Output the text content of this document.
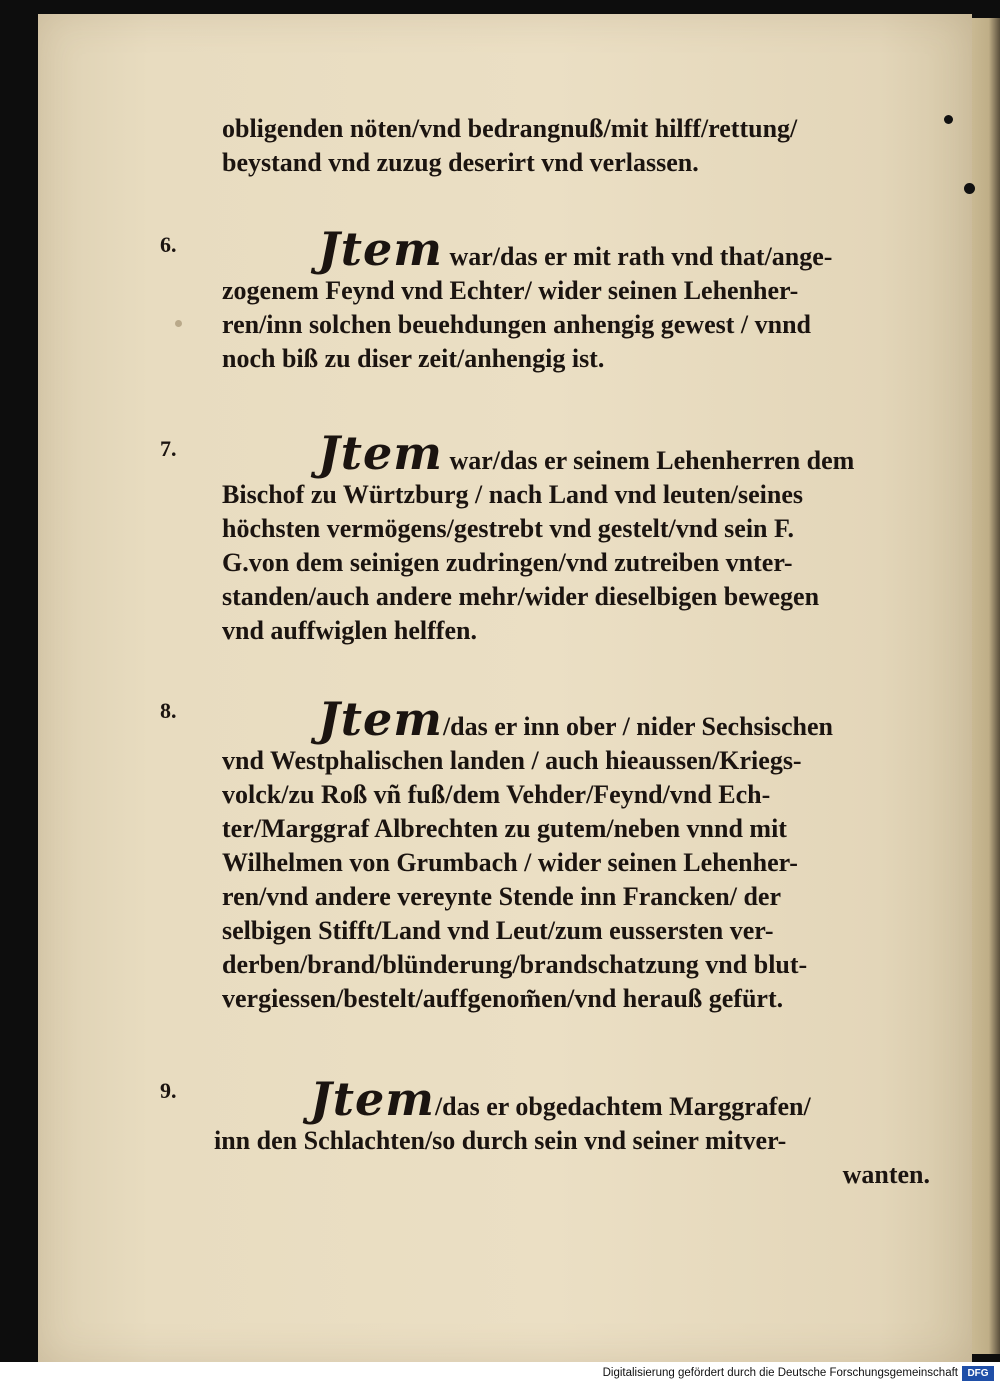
obligenden nöten/vnd bedrangnuß/mit hilff/rettung/
beystand vnd zuzug deserirt vnd verlassen.
6.	Jtem war/das er mit rath vnd that/ange-
zogenem Feynd vnd Echter/ wider seinen Lehenher-
ren/inn solchen beuehdungen anhengig gewest / vnnd
noch biß zu diser zeit/anhengig ist.
7.	Jtem war/das er seinem Lehenherren dem
Bischof zu Würtzburg / nach Land vnd leuten/seines
höchsten vermögens/gestrebt vnd gestelt/vnd sein F.
G.von dem seinigen zudringen/vnd zutreiben vnter-
standen/auch andere mehr/wider dieselbigen bewegen
vnd auffwiglen helffen.
8.	Jtem/das er inn ober / nider Sechsischen
vnd Westphalischen landen / auch hieaussen/Kriegs-
volck/zu Roß vñ fuß/dem Vehder/Feynd/vnd Ech-
ter/Marggraf Albrechten zu gutem/neben vnnd mit
Wilhelmen von Grumbach / wider seinen Lehenher-
ren/vnd andere vereynte Stende inn Francken/ der
selbigen Stifft/Land vnd Leut/zum eussersten ver-
derben/brand/blünderung/brandschatzung vnd blut-
vergiessen/bestelt/auffgenom̃en/vnd herauß gefürt.
9.	Jtem/das er obgedachtem Marggrafen/
inn den Schlachten/so durch sein vnd seiner mitver-
wanten.
Digitalisierung gefördert durch die Deutsche Forschungsgemeinschaft DFG
